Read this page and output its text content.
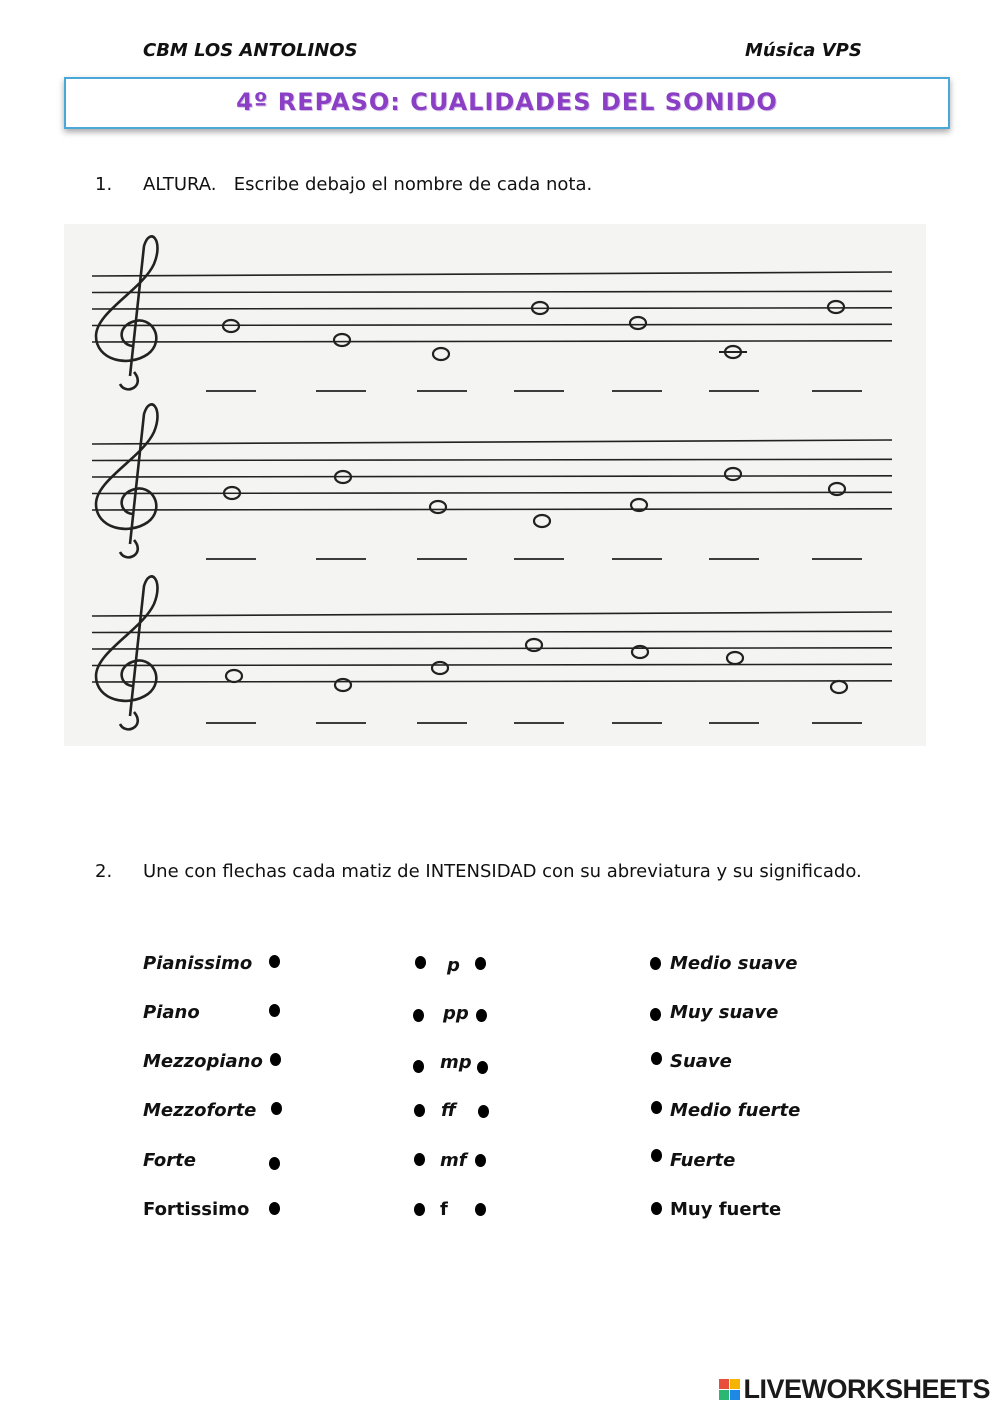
CBM LOS ANTOLINOS	Música VPS
4º REPASO: CUALIDADES DEL SONIDO
1. ALTURA.   Escribe debajo el nombre de cada nota.
2. Une con flechas cada matiz de INTENSIDAD con su abreviatura y su significado.
Pianissimo
Piano
Mezzopiano
Mezzoforte
Forte
Fortissimo
p
pp
mp
ff
mf
f
Medio suave
Muy suave
Suave
Medio fuerte
Fuerte
Muy fuerte
LIVEWORKSHEETS
